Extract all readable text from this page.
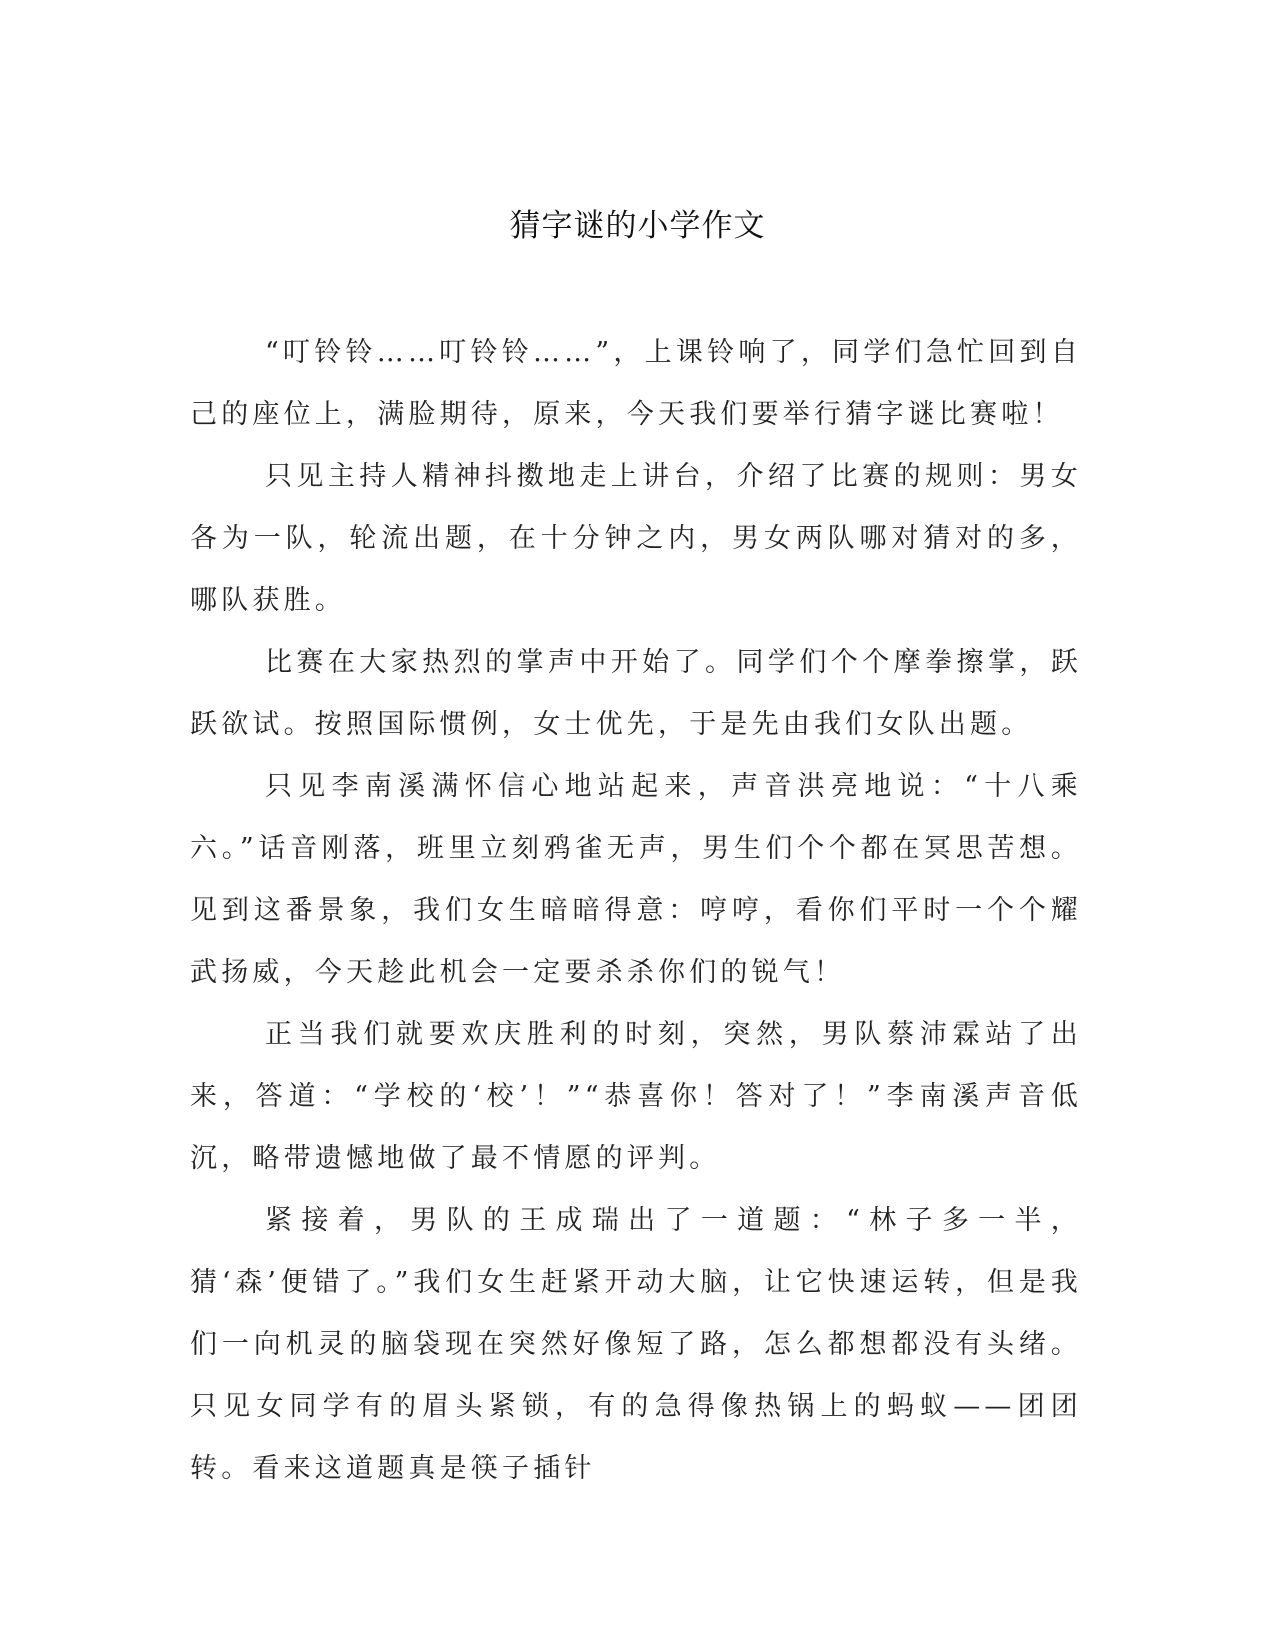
猜字谜的小学作文

“叮铃铃……叮铃铃……”，上课铃响了，同学们急忙回到自己的座位上，满脸期待，原来，今天我们要举行猜字谜比赛啦！

只见主持人精神抖擞地走上讲台，介绍了比赛的规则：男女各为一队，轮流出题，在十分钟之内，男女两队哪对猜对的多，哪队获胜。

比赛在大家热烈的掌声中开始了。同学们个个摩拳擦掌，跃跃欲试。按照国际惯例，女士优先，于是先由我们女队出题。

只见李南溪满怀信心地站起来，声音洪亮地说：“十八乘六。”话音刚落，班里立刻鸦雀无声，男生们个个都在冥思苦想。见到这番景象，我们女生暗暗得意：哼哼，看你们平时一个个耀武扬威，今天趁此机会一定要杀杀你们的锐气！

正当我们就要欢庆胜利的时刻，突然，男队蔡沛霖站了出来，答道：“学校的‘校’！”“恭喜你！答对了！”李南溪声音低沉，略带遗憾地做了最不情愿的评判。

紧接着，男队的王成瑞出了一道题：“林子多一半，猜‘森’便错了。”我们女生赶紧开动大脑，让它快速运转，但是我们一向机灵的脑袋现在突然好像短了路，怎么都想都没有头绪。只见女同学有的眉头紧锁，有的急得像热锅上的蚂蚁——团团转。看来这道题真是筷子插针
